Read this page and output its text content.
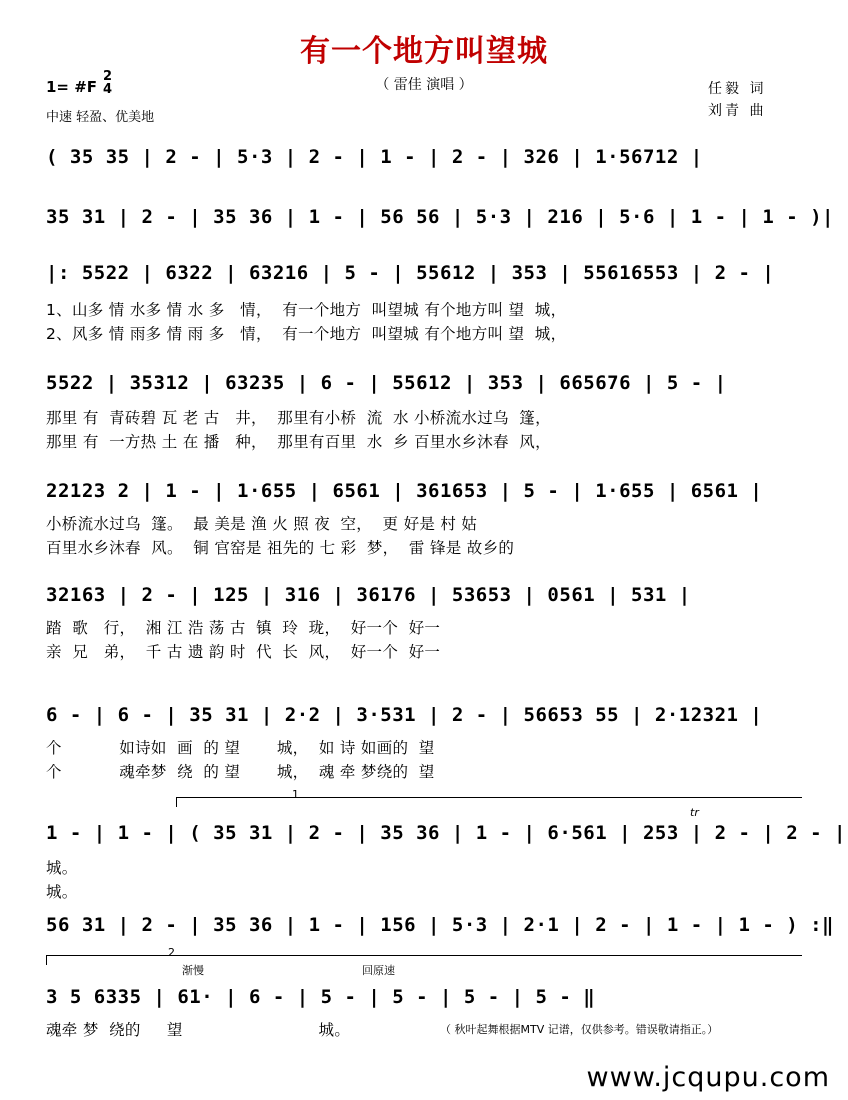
有一个地方叫望城
（ 雷佳 演唱 ）
1= #F
2
4
中速 轻盈、优美地
任毅 词
刘青 曲
( 35 35 | 2 - | 5·3 | 2 - | 1 - | 2 - | 326 | 1·56712 |
35 31 | 2 - | 35 36 | 1 - | 56 56 | 5·3 | 216 | 5·6 | 1 - | 1 - )|
|: 5522 | 6322 | 63216 | 5 - | 55612 | 353 | 55616553 | 2 - |
1、山多 情 水多 情 水 多   情，  有一个地方  叫望城 有个地方叫 望  城，
2、风多 情 雨多 情 雨 多   情，  有一个地方  叫望城 有个地方叫 望  城，
5522 | 35312 | 63235 | 6 - | 55612 | 353 | 665676 | 5 - |
那里 有  青砖碧 瓦 老 古   井，  那里有小桥  流  水 小桥流水过乌  篷，
那里 有  一方热 土 在 播   种，  那里有百里  水  乡 百里水乡沐春  风，
22123 2 | 1 - | 1·655 | 6561 | 361653 | 5 - | 1·655 | 6561 |
小桥流水过乌  篷。  最 美是 渔 火 照 夜  空，  更 好是 村 姑
百里水乡沐春  风。  铜 官窑是 祖先的 七 彩  梦，  雷 锋是 故乡的
32163 | 2 - | 125 | 316 | 36176 | 53653 | 0561 | 531 |
踏  歌   行，  湘 江 浩 荡 古  镇  玲  珑，  好一个  好一
亲  兄   弟，  千 古 遗 韵 时  代  长  风，  好一个  好一
6 - | 6 - | 35 31 | 2·2 | 3·531 | 2 - | 56653 55 | 2·12321 |
个           如诗如  画  的 望       城，  如 诗 如画的  望
个           魂牵梦  绕  的 望       城，  魂 牵 梦绕的  望
1
1 - | 1 - | ( 35 31 | 2 - | 35 36 | 1 - | 6·561 | 253 | 2 - | 2 - |
tr
城。
城。
56 31 | 2 - | 35 36 | 1 - | 156 | 5·3 | 2·1 | 2 - | 1 - | 1 - ) :‖
2
渐慢	回原速
3 5 6335 | 61· | 6 - | 5 - | 5 - | 5 - | 5 - ‖
魂牵 梦  绕的     望                          城。	（ 秋叶起舞根据MTV 记谱，仅供参考。错误敬请指正。）
www.jcqupu.com
